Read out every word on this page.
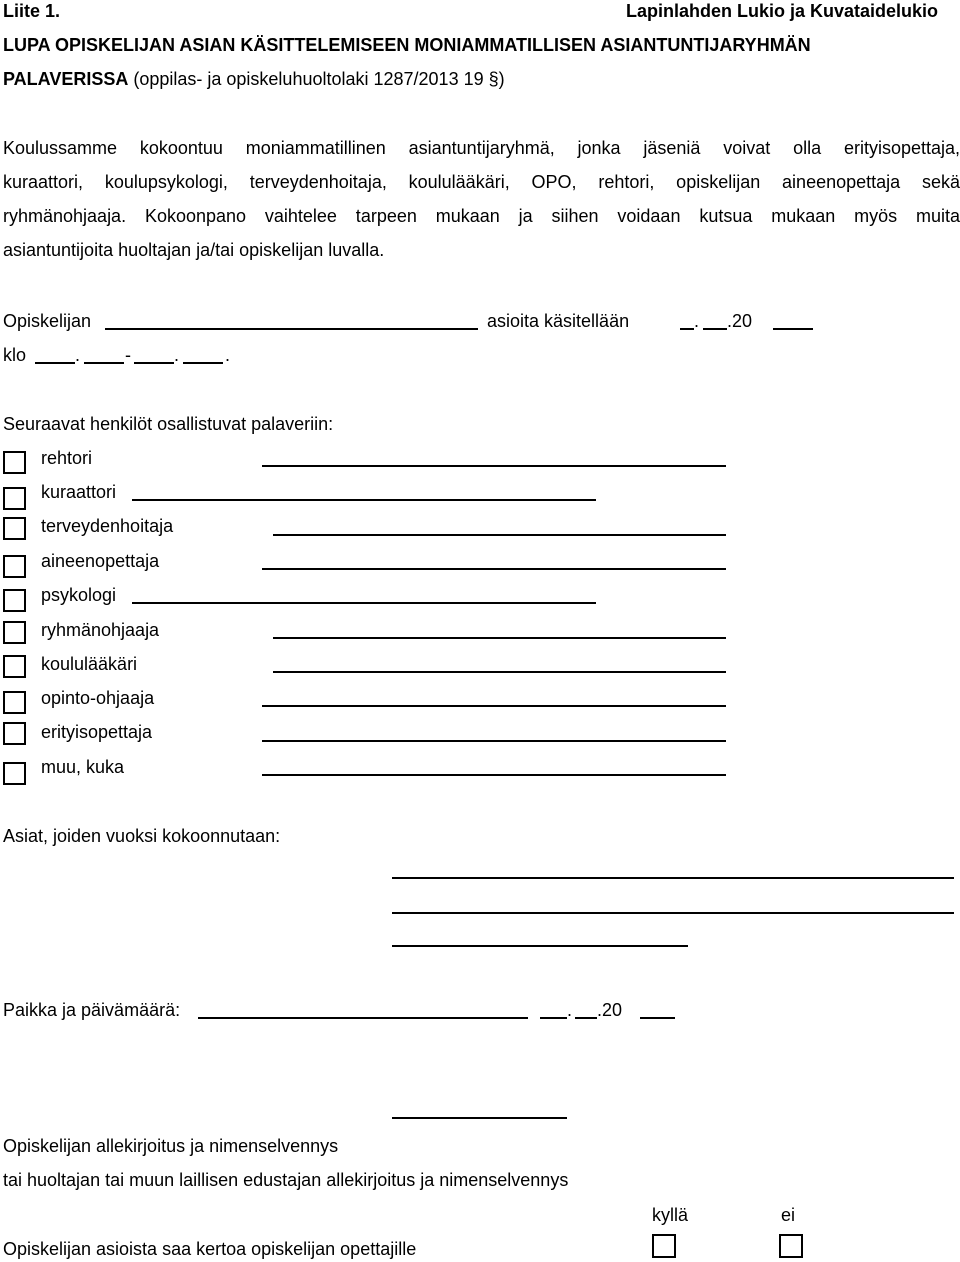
Liite 1.	Lapinlahden Lukio ja Kuvataidelukio
LUPA OPISKELIJAN ASIAN KÄSITTELEMISEEN MONIAMMATILLISEN ASIANTUNTIJARYHMÄN
PALAVERISSA (oppilas- ja opiskeluhuoltolaki 1287/2013 19 §)
Koulussamme kokoontuu moniammatillinen asiantuntijaryhmä, jonka jäseniä voivat olla erityisopettaja,
kuraattori, koulupsykologi, terveydenhoitaja, koululääkäri, OPO, rehtori, opiskelijan aineenopettaja sekä
ryhmänohjaaja. Kokoonpano vaihtelee tarpeen mukaan ja siihen voidaan kutsua mukaan myös muita
asiantuntijoita huoltajan ja/tai opiskelijan luvalla.
Opiskelijan	asioita käsitellään	. .20
klo	. - .	.
Seuraavat henkilöt osallistuvat palaveriin:
rehtori
kuraattori
terveydenhoitaja
aineenopettaja
psykologi
ryhmänohjaaja
koululääkäri
opinto-ohjaaja
erityisopettaja
muu, kuka
Asiat, joiden vuoksi kokoonnutaan:
Paikka ja päivämäärä:	. .20
Opiskelijan allekirjoitus ja nimenselvennys
tai huoltajan tai muun laillisen edustajan allekirjoitus ja nimenselvennys
kyllä	ei
Opiskelijan asioista saa kertoa opiskelijan opettajille
